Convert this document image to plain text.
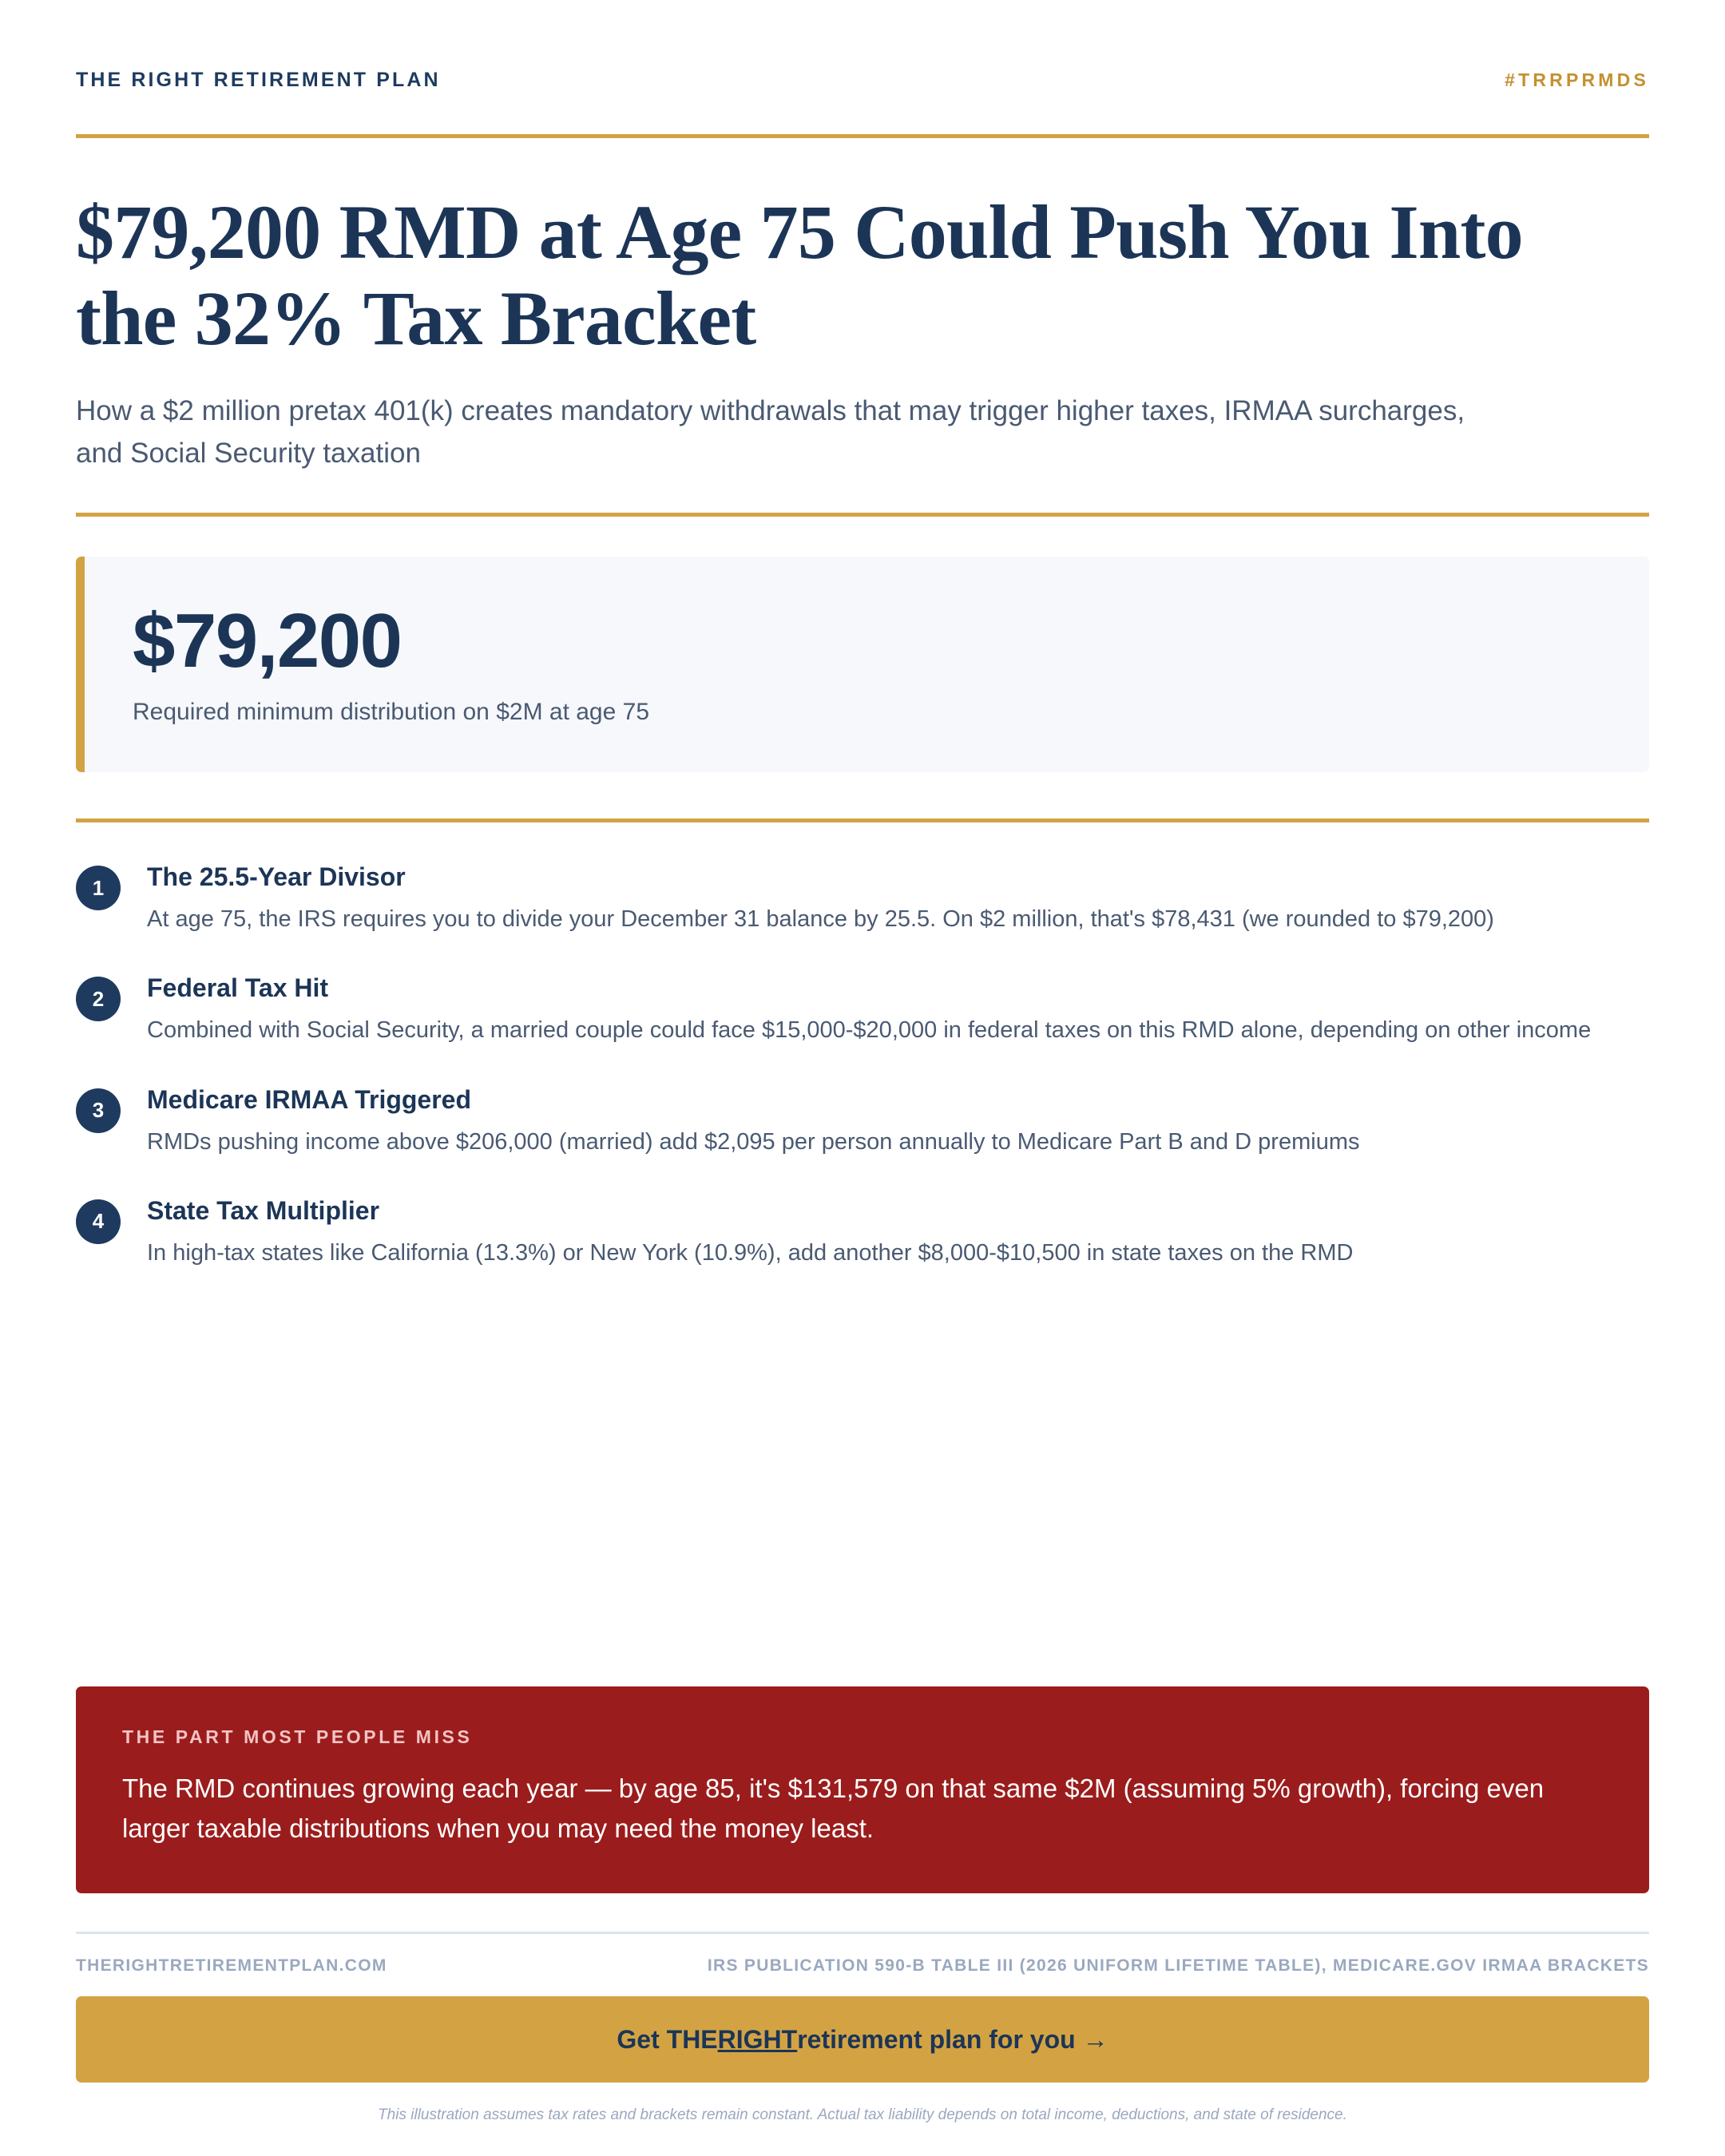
THE RIGHT RETIREMENT PLAN	#TRRPRMDS
$79,200 RMD at Age 75 Could Push You Into the 32% Tax Bracket

How a $2 million pretax 401(k) creates mandatory withdrawals that may trigger higher taxes, IRMAA surcharges, and Social Security taxation

$79,200
Required minimum distribution on $2M at age 75
1	The 25.5-Year Divisor
At age 75, the IRS requires you to divide your December 31 balance by 25.5. On $2 million, that's $78,431 (we rounded to $79,200)
2	Federal Tax Hit
Combined with Social Security, a married couple could face $15,000-$20,000 in federal taxes on this RMD alone, depending on other income
3	Medicare IRMAA Triggered
RMDs pushing income above $206,000 (married) add $2,095 per person annually to Medicare Part B and D premiums
4	State Tax Multiplier
In high-tax states like California (13.3%) or New York (10.9%), add another $8,000-$10,500 in state taxes on the RMD
THE PART MOST PEOPLE MISS
The RMD continues growing each year — by age 85, it's $131,579 on that same $2M (assuming 5% growth), forcing even larger taxable distributions when you may need the money least.
THERIGHTRETIREMENTPLAN.COM	IRS PUBLICATION 590-B TABLE III (2026 UNIFORM LIFETIME TABLE), MEDICARE.GOV IRMAA BRACKETS
Get THE RIGHT retirement plan for you →
This illustration assumes tax rates and brackets remain constant. Actual tax liability depends on total income, deductions, and state of residence.
